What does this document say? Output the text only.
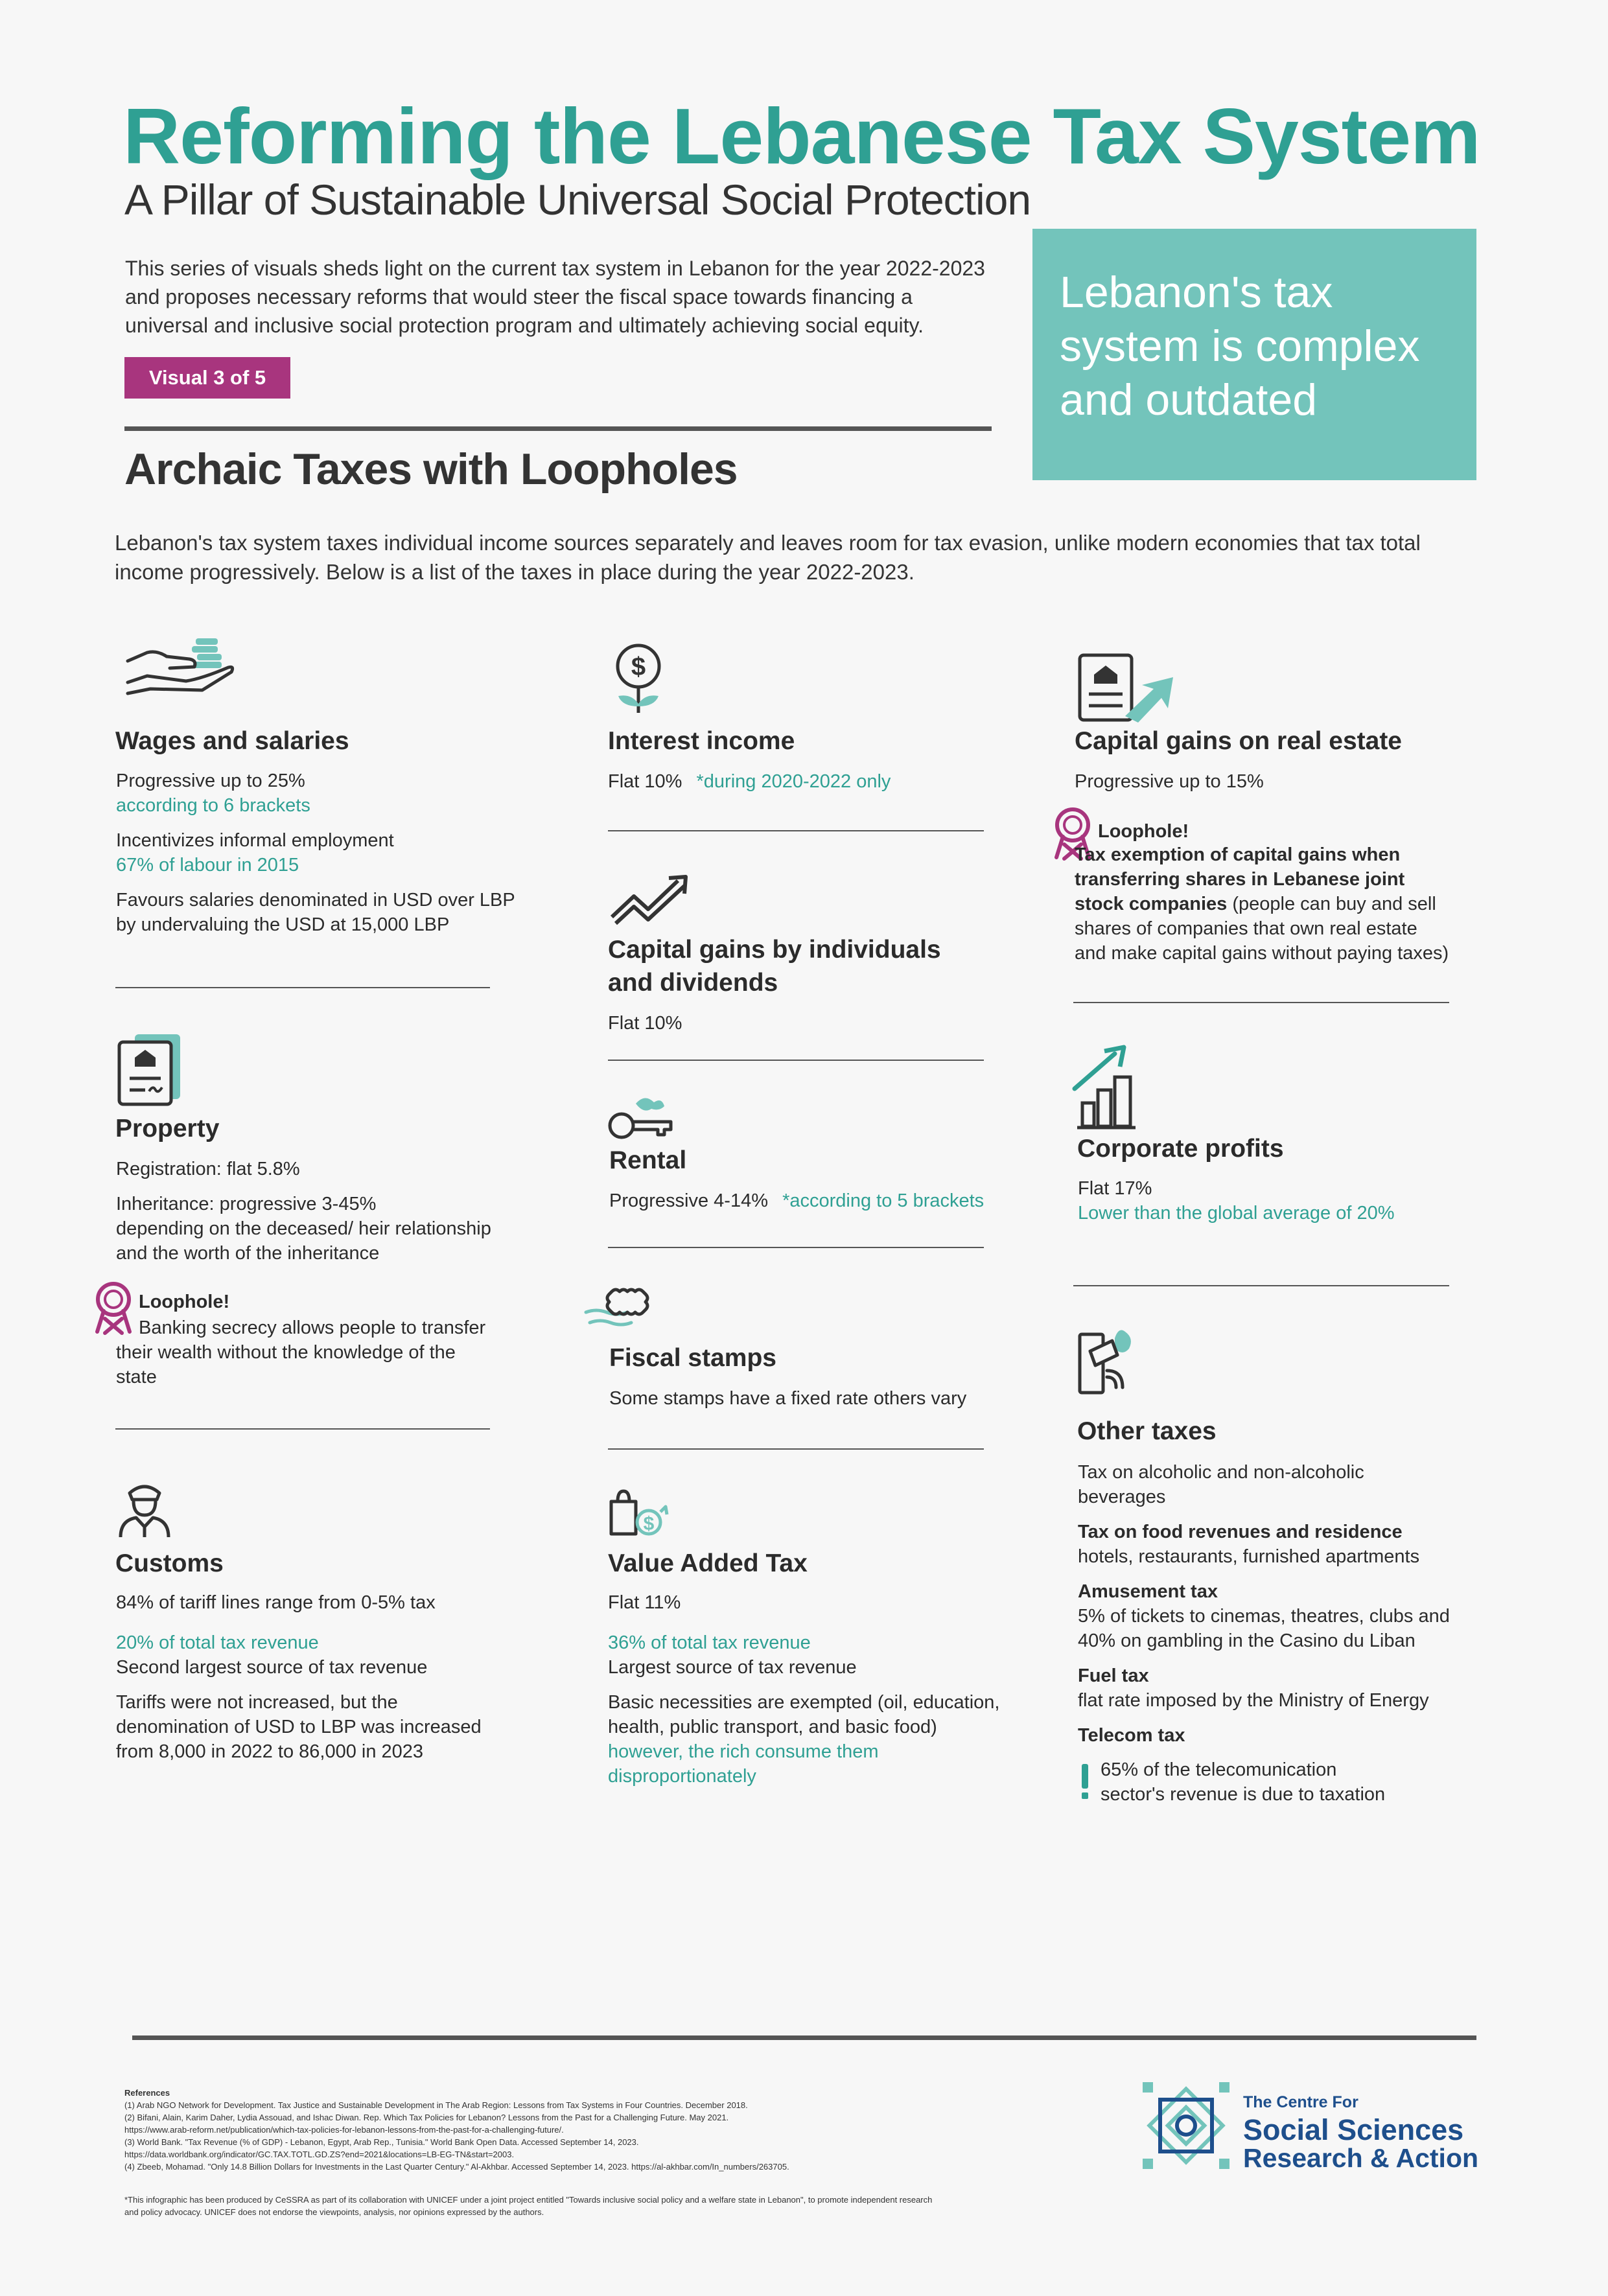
Reforming the Lebanese Tax System
A Pillar of Sustainable Universal Social Protection
This series of visuals sheds light on the current tax system in Lebanon for the year 2022-2023 and proposes necessary reforms that would steer the fiscal space towards financing a universal and inclusive social protection program and ultimately achieving social equity.
Visual 3 of 5
Lebanon's tax system is complex and outdated
Archaic Taxes with Loopholes
Lebanon's tax system taxes individual income sources separately and leaves room for tax evasion, unlike modern economies that tax total income progressively. Below is a list of the taxes in place during the year 2022-2023.
Wages and salaries
Progressive up to 25%
according to 6 brackets
Incentivizes informal employment
67% of labour in 2015
Favours salaries denominated in USD over LBP
by undervaluing the USD at 15,000 LBP
Property
Registration: flat 5.8%
Inheritance: progressive 3-45%
depending on the deceased/ heir relationship
and the worth of the inheritance
Loophole!
Banking secrecy allows people to transfer
their wealth without the knowledge of the
state
Customs
84% of tariff lines range from 0-5% tax
20% of total tax revenue
Second largest source of tax revenue
Tariffs were not increased, but the
denomination of USD to LBP was increased
from 8,000 in 2022 to 86,000 in 2023
$
Interest income
Flat 10% *during 2020-2022 only
Capital gains by individuals
and dividends
Flat 10%
Rental
Progressive 4-14% *according to 5 brackets
Fiscal stamps
Some stamps have a fixed rate others vary
$
Value Added Tax
Flat 11%
36% of total tax revenue
Largest source of tax revenue
Basic necessities are exempted (oil, education,
health, public transport, and basic food)
however, the rich consume them
disproportionately
Capital gains on real estate
Progressive up to 15%
Loophole!
Tax exemption of capital gains when
transferring shares in Lebanese joint
stock companies (people can buy and sell
shares of companies that own real estate
and make capital gains without paying taxes)
Corporate profits
Flat 17%
Lower than the global average of 20%
Other taxes
Tax on alcoholic and non-alcoholic
beverages
Tax on food revenues and residence
hotels, restaurants, furnished apartments
Amusement tax
5% of tickets to cinemas, theatres, clubs and
40% on gambling in the Casino du Liban
Fuel tax
flat rate imposed by the Ministry of Energy
Telecom tax
65% of the telecomunication
sector's revenue is due to taxation
References
(1) Arab NGO Network for Development. Tax Justice and Sustainable Development in The Arab Region: Lessons from Tax Systems in Four Countries. December 2018.
(2) Bifani, Alain, Karim Daher, Lydia Assouad, and Ishac Diwan. Rep. Which Tax Policies for Lebanon? Lessons from the Past for a Challenging Future. May 2021.
https://www.arab-reform.net/publication/which-tax-policies-for-lebanon-lessons-from-the-past-for-a-challenging-future/.
(3) World Bank. "Tax Revenue (% of GDP) - Lebanon, Egypt, Arab Rep., Tunisia." World Bank Open Data. Accessed September 14, 2023.
https://data.worldbank.org/indicator/GC.TAX.TOTL.GD.ZS?end=2021&locations=LB-EG-TN&start=2003.
(4) Zbeeb, Mohamad. "Only 14.8 Billion Dollars for Investments in the Last Quarter Century." Al-Akhbar. Accessed September 14, 2023. https://al-akhbar.com/In_numbers/263705.
*This infographic has been produced by CeSSRA as part of its collaboration with UNICEF under a joint project entitled "Towards inclusive social policy and a welfare state in Lebanon", to promote independent research and policy advocacy. UNICEF does not endorse the viewpoints, analysis, nor opinions expressed by the authors.
The Centre For
Social Sciences
Research & Action
